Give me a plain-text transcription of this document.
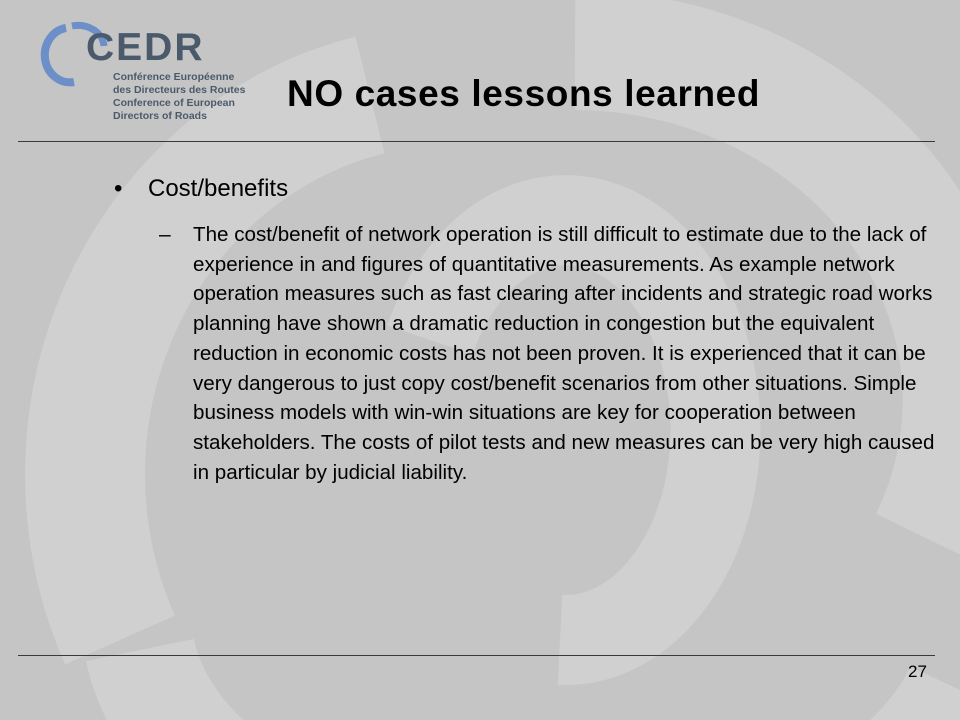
CEDR
Conférence Européenne
des Directeurs des Routes
Conference of European
Directors of Roads
NO cases lessons learned
• Cost/benefits
– The cost/benefit of network operation is still difficult to estimate due to the lack of experience in and figures of quantitative measurements. As example network operation measures such as fast clearing after incidents and strategic road works planning have shown a dramatic reduction in congestion but the equivalent reduction in economic costs has not been proven. It is experienced that it can be very dangerous to just copy cost/benefit scenarios from other situations. Simple business models with win-win situations are key for cooperation between stakeholders. The costs of pilot tests and new measures can be very high caused in particular by judicial liability.
27
